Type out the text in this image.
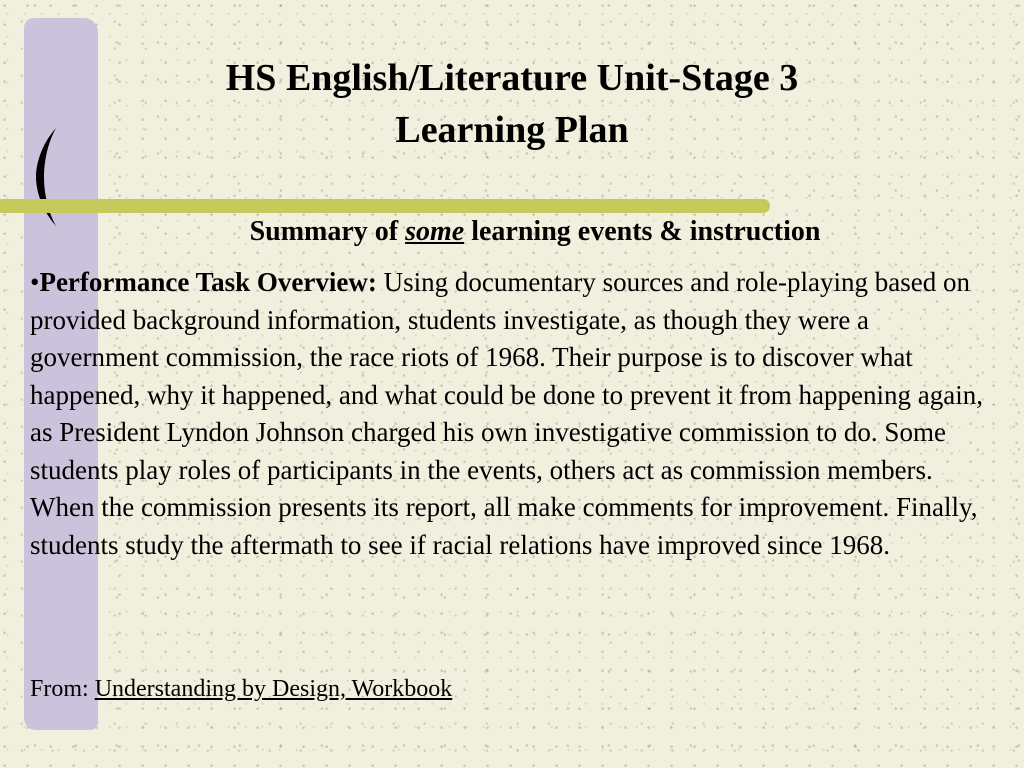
HS English/Literature Unit-Stage 3
Learning Plan
Summary of some learning events & instruction
•Performance Task Overview: Using documentary sources and role-playing based on provided background information, students investigate, as though they were a government commission, the race riots of 1968. Their purpose is to discover what happened, why it happened, and what could be done to prevent it from happening again, as President Lyndon Johnson charged his own investigative commission to do. Some students play roles of participants in the events, others act as commission members. When the commission presents its report, all make comments for improvement. Finally, students study the aftermath to see if racial relations have improved since 1968.
From: Understanding by Design, Workbook
